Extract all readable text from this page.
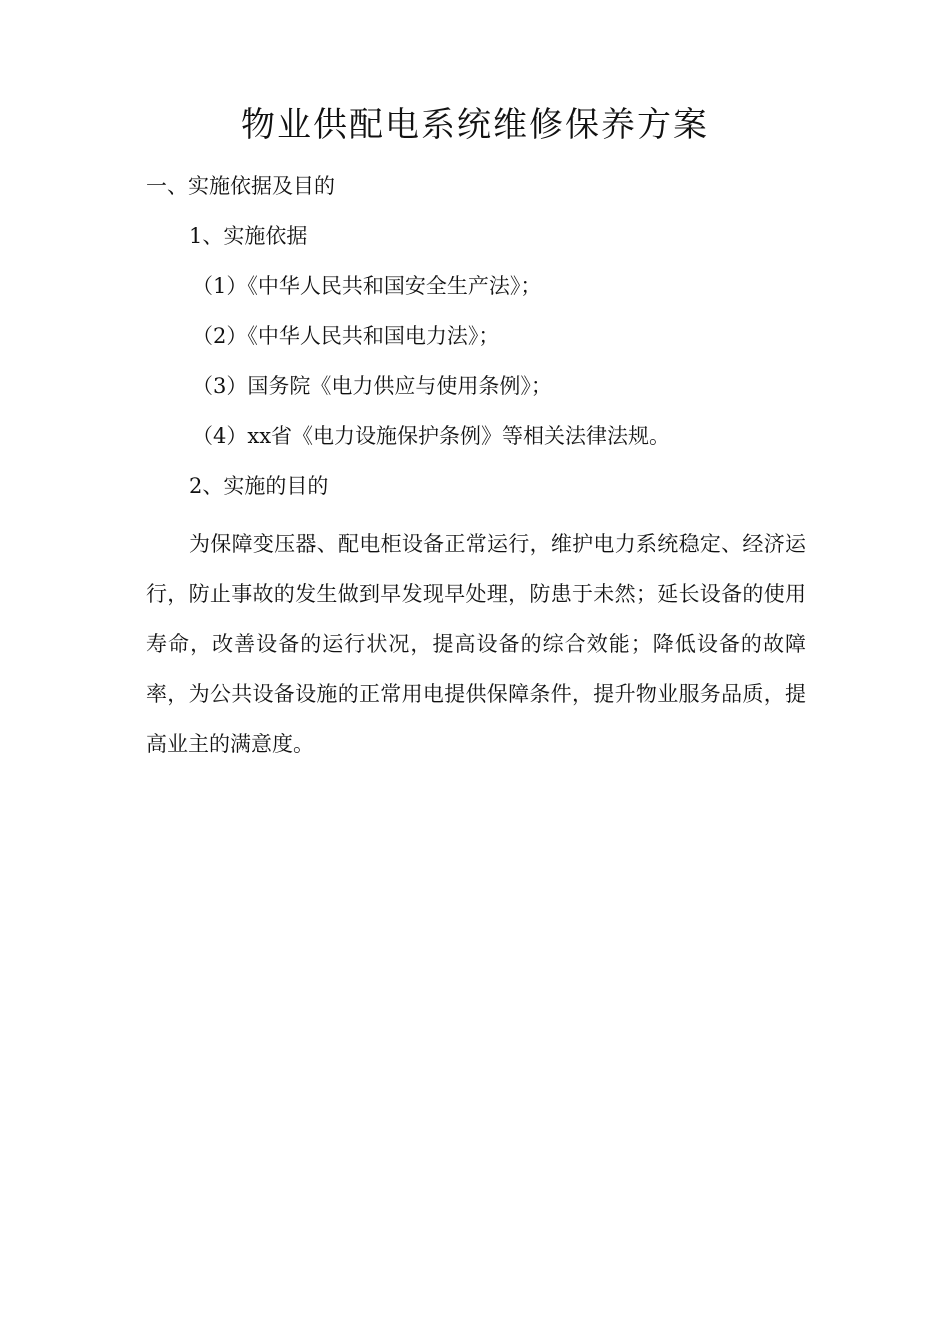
物业供配电系统维修保养方案

一、实施依据及目的

1、实施依据

（1）《中华人民共和国安全生产法》；

（2）《中华人民共和国电力法》；

（3）国务院《电力供应与使用条例》；

（4）xx省《电力设施保护条例》等相关法律法规。

2、实施的目的

为保障变压器、配电柜设备正常运行，维护电力系统稳定、经济运行，防止事故的发生做到早发现早处理，防患于未然；延长设备的使用寿命，改善设备的运行状况，提高设备的综合效能；降低设备的故障率，为公共设备设施的正常用电提供保障条件，提升物业服务品质，提高业主的满意度。
